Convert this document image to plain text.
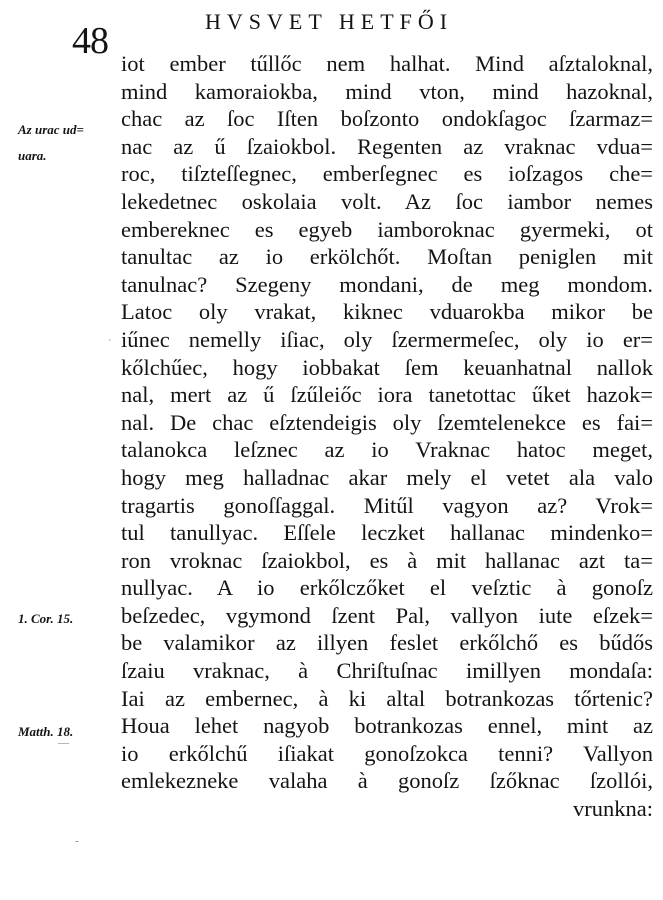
48	HVSVET HETFŐI
Az urac ud=
uara.
1. Cor. 15.
Matth. 18.
´
—
-
iot ember tűllőc nem halhat. Mind aſztaloknal,
mind kamoraiokba, mind vton, mind hazoknal,
chac az ſoc Iſten boſzonto ondokſagoc ſzarmaz=
nac az ű ſzaiokbol. Regenten az vraknac vdua=
roc, tiſzteſſegnec, emberſegnec es ioſzagos che=
lekedetnec oskolaia volt. Az ſoc iambor nemes
embereknec es egyeb iamboroknac gyermeki, ot
tanultac az io erkölchőt. Moſtan peniglen mit
tanulnac? Szegeny mondani, de meg mondom.
Latoc oly vrakat, kiknec vduarokba mikor be
iűnec nemelly iſiac, oly ſzermermeſec, oly io er=
kőlchűec, hogy iobbakat ſem keuanhatnal nallok
nal, mert az ű ſzűleiőc iora tanetottac űket hazok=
nal. De chac eſztendeigis oly ſzemtelenekce es fai=
talanokca leſznec az io Vraknac hatoc meget,
hogy meg halladnac akar mely el vetet ala valo
tragartis gonoſſaggal. Mitűl vagyon az? Vrok=
tul tanullyac. Eſſele leczket hallanac mindenko=
ron vroknac ſzaiokbol, es à mit hallanac azt ta=
nullyac. A io erkőlczőket el veſztic à gonoſz
beſzedec, vgymond ſzent Pal, vallyon iute eſzek=
be valamikor az illyen feslet erkőlchő es bűdős
ſzaiu vraknac, à Chriſtuſnac imillyen mondaſa:
Iai az embernec, à ki altal botrankozas tőrtenic?
Houa lehet nagyob botrankozas ennel, mint az
io erkőlchű iſiakat gonoſzokca tenni? Vallyon
emlekezneke valaha à gonoſz ſzőknac ſzollói,
vrunkna:
